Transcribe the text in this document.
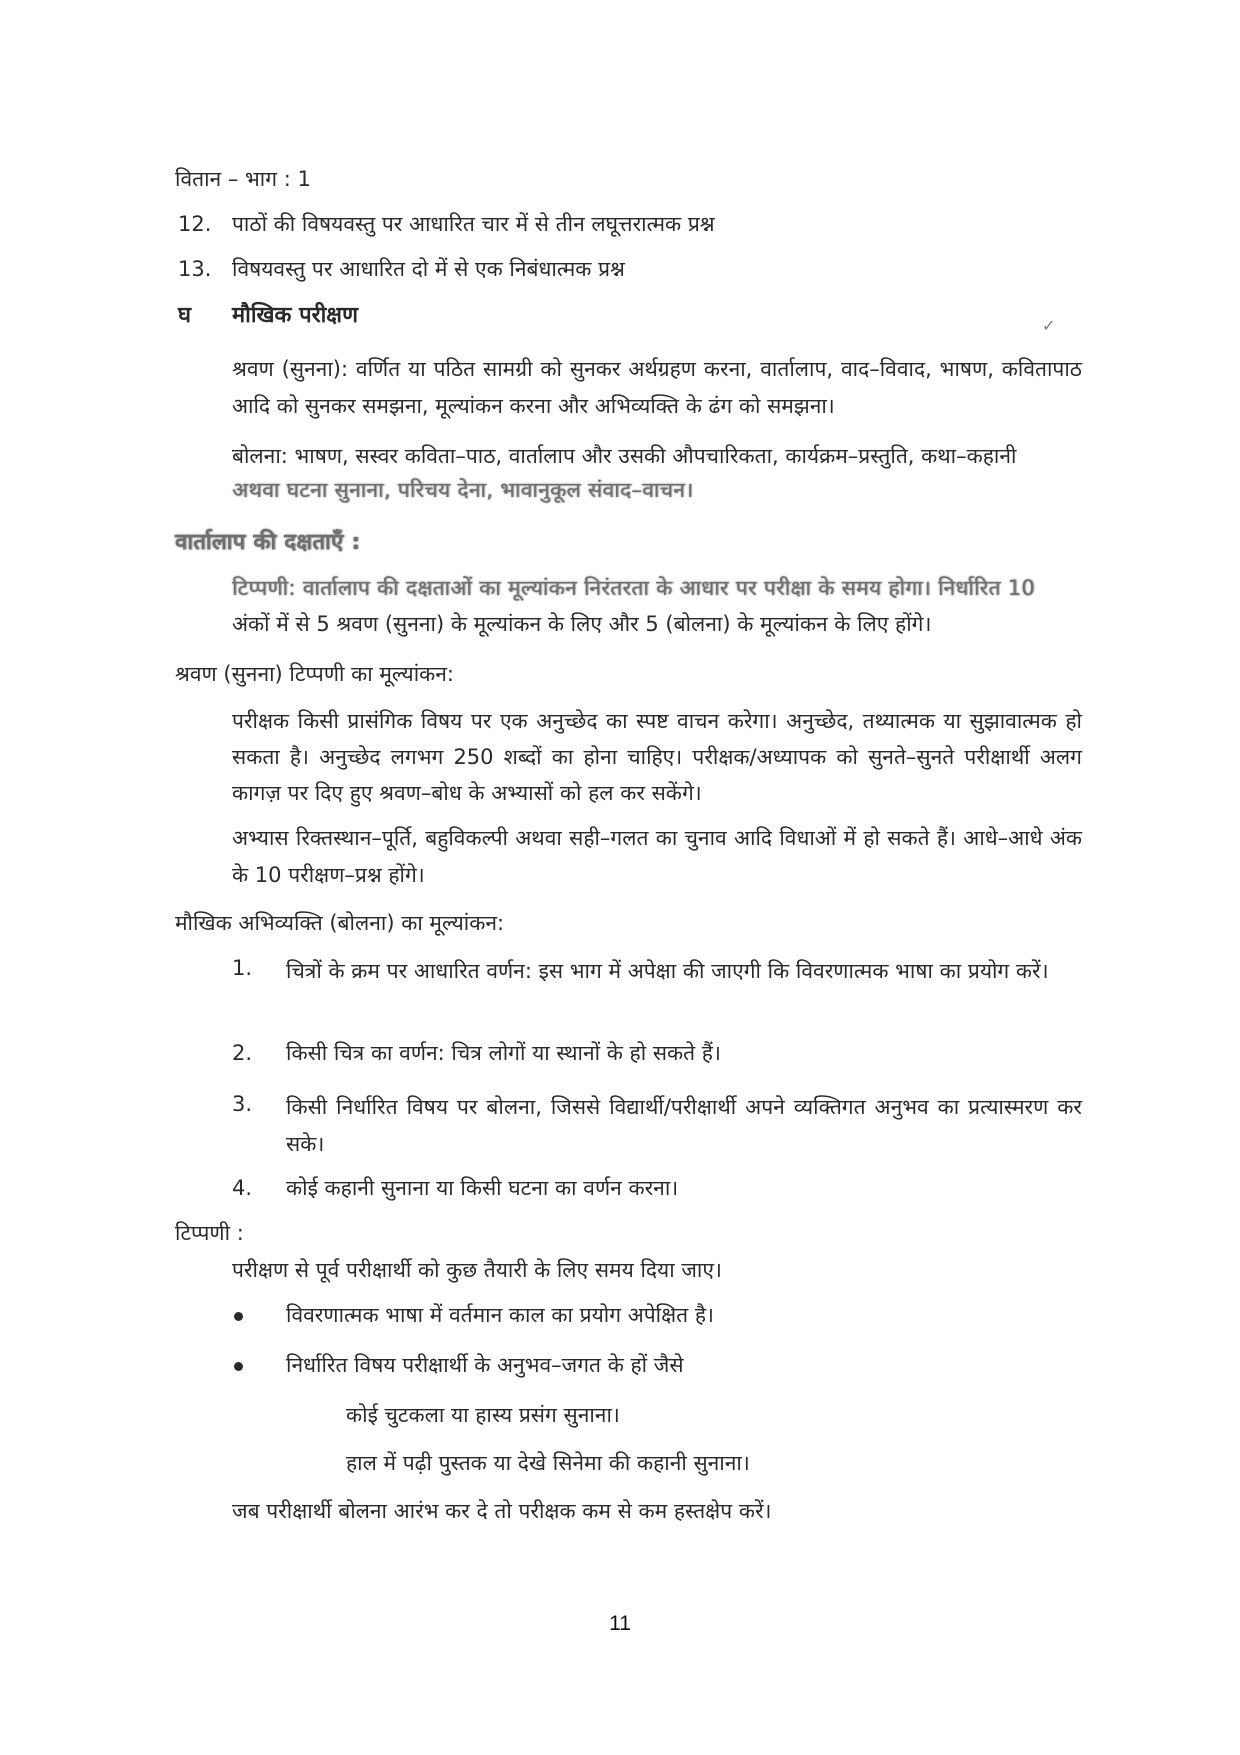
वितान – भाग : 1
12. पाठों की विषयवस्तु पर आधारित चार में से तीन लघूत्तरात्मक प्रश्न
13. विषयवस्तु पर आधारित दो में से एक निबंधात्मक प्रश्न
घ मौखिक परीक्षण	✓
श्रवण (सुनना): वर्णित या पठित सामग्री को सुनकर अर्थग्रहण करना, वार्तालाप, वाद–विवाद, भाषण, कवितापाठ आदि को सुनकर समझना, मूल्यांकन करना और अभिव्यक्ति के ढंग को समझना।
बोलना: भाषण, सस्वर कविता–पाठ, वार्तालाप और उसकी औपचारिकता, कार्यक्रम–प्रस्तुति, कथा–कहानी
अथवा घटना सुनाना, परिचय देना, भावानुकूल संवाद–वाचन।
वार्तालाप की दक्षताएँ :
टिप्पणी: वार्तालाप की दक्षताओं का मूल्यांकन निरंतरता के आधार पर परीक्षा के समय होगा। निर्धारित 10
अंकों में से 5 श्रवण (सुनना) के मूल्यांकन के लिए और 5 (बोलना) के मूल्यांकन के लिए होंगे।
श्रवण (सुनना) टिप्पणी का मूल्यांकन:
परीक्षक किसी प्रासंगिक विषय पर एक अनुच्छेद का स्पष्ट वाचन करेगा। अनुच्छेद, तथ्यात्मक या सुझावात्मक हो सकता है। अनुच्छेद लगभग 250 शब्दों का होना चाहिए। परीक्षक/अध्यापक को सुनते–सुनते परीक्षार्थी अलग कागज़ पर दिए हुए श्रवण–बोध के अभ्यासों को हल कर सकेंगे।
अभ्यास रिक्तस्थान–पूर्ति, बहुविकल्पी अथवा सही–गलत का चुनाव आदि विधाओं में हो सकते हैं। आधे–आधे अंक के 10 परीक्षण–प्रश्न होंगे।
मौखिक अभिव्यक्ति (बोलना) का मूल्यांकन:
1. चित्रों के क्रम पर आधारित वर्णन: इस भाग में अपेक्षा की जाएगी कि विवरणात्मक भाषा का प्रयोग करें।
2. किसी चित्र का वर्णन: चित्र लोगों या स्थानों के हो सकते हैं।
3. किसी निर्धारित विषय पर बोलना, जिससे विद्यार्थी/परीक्षार्थी अपने व्यक्तिगत अनुभव का प्रत्यास्मरण कर सके।
4. कोई कहानी सुनाना या किसी घटना का वर्णन करना।
टिप्पणी :
परीक्षण से पूर्व परीक्षार्थी को कुछ तैयारी के लिए समय दिया जाए।
विवरणात्मक भाषा में वर्तमान काल का प्रयोग अपेक्षित है।
निर्धारित विषय परीक्षार्थी के अनुभव–जगत के हों जैसे
कोई चुटकला या हास्य प्रसंग सुनाना।
हाल में पढ़ी पुस्तक या देखे सिनेमा की कहानी सुनाना।
जब परीक्षार्थी बोलना आरंभ कर दे तो परीक्षक कम से कम हस्तक्षेप करें।
11
